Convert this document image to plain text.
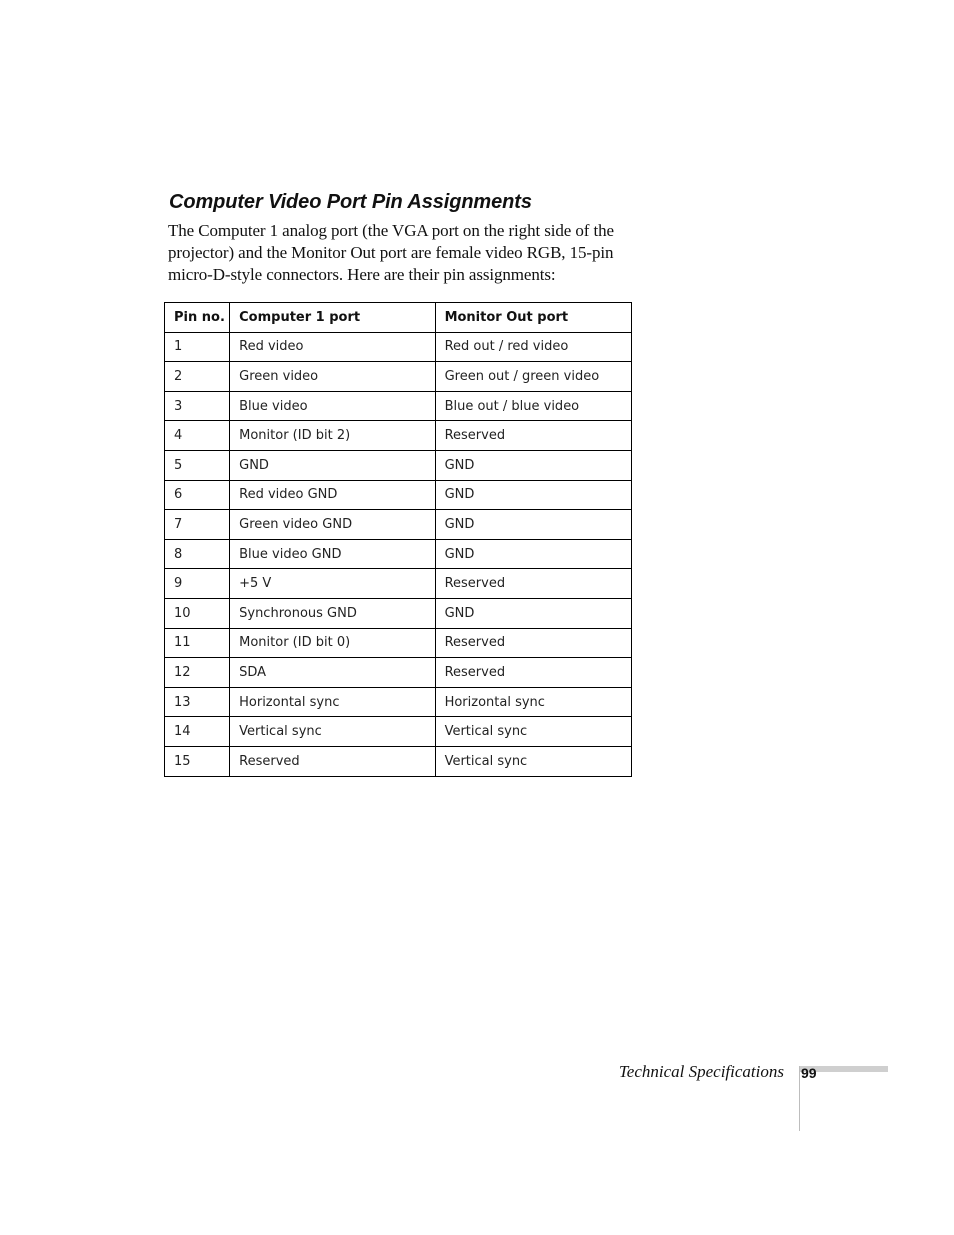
Computer Video Port Pin Assignments

The Computer 1 analog port (the VGA port on the right side of the projector) and the Monitor Out port are female video RGB, 15-pin micro-D-style connectors. Here are their pin assignments:

Pin no.	Computer 1 port	Monitor Out port
1	Red video	Red out / red video
2	Green video	Green out / green video
3	Blue video	Blue out / blue video
4	Monitor (ID bit 2)	Reserved
5	GND	GND
6	Red video GND	GND
7	Green video GND	GND
8	Blue video GND	GND
9	+5 V	Reserved
10	Synchronous GND	GND
11	Monitor (ID bit 0)	Reserved
12	SDA	Reserved
13	Horizontal sync	Horizontal sync
14	Vertical sync	Vertical sync
15	Reserved	Vertical sync
Technical Specifications 99
